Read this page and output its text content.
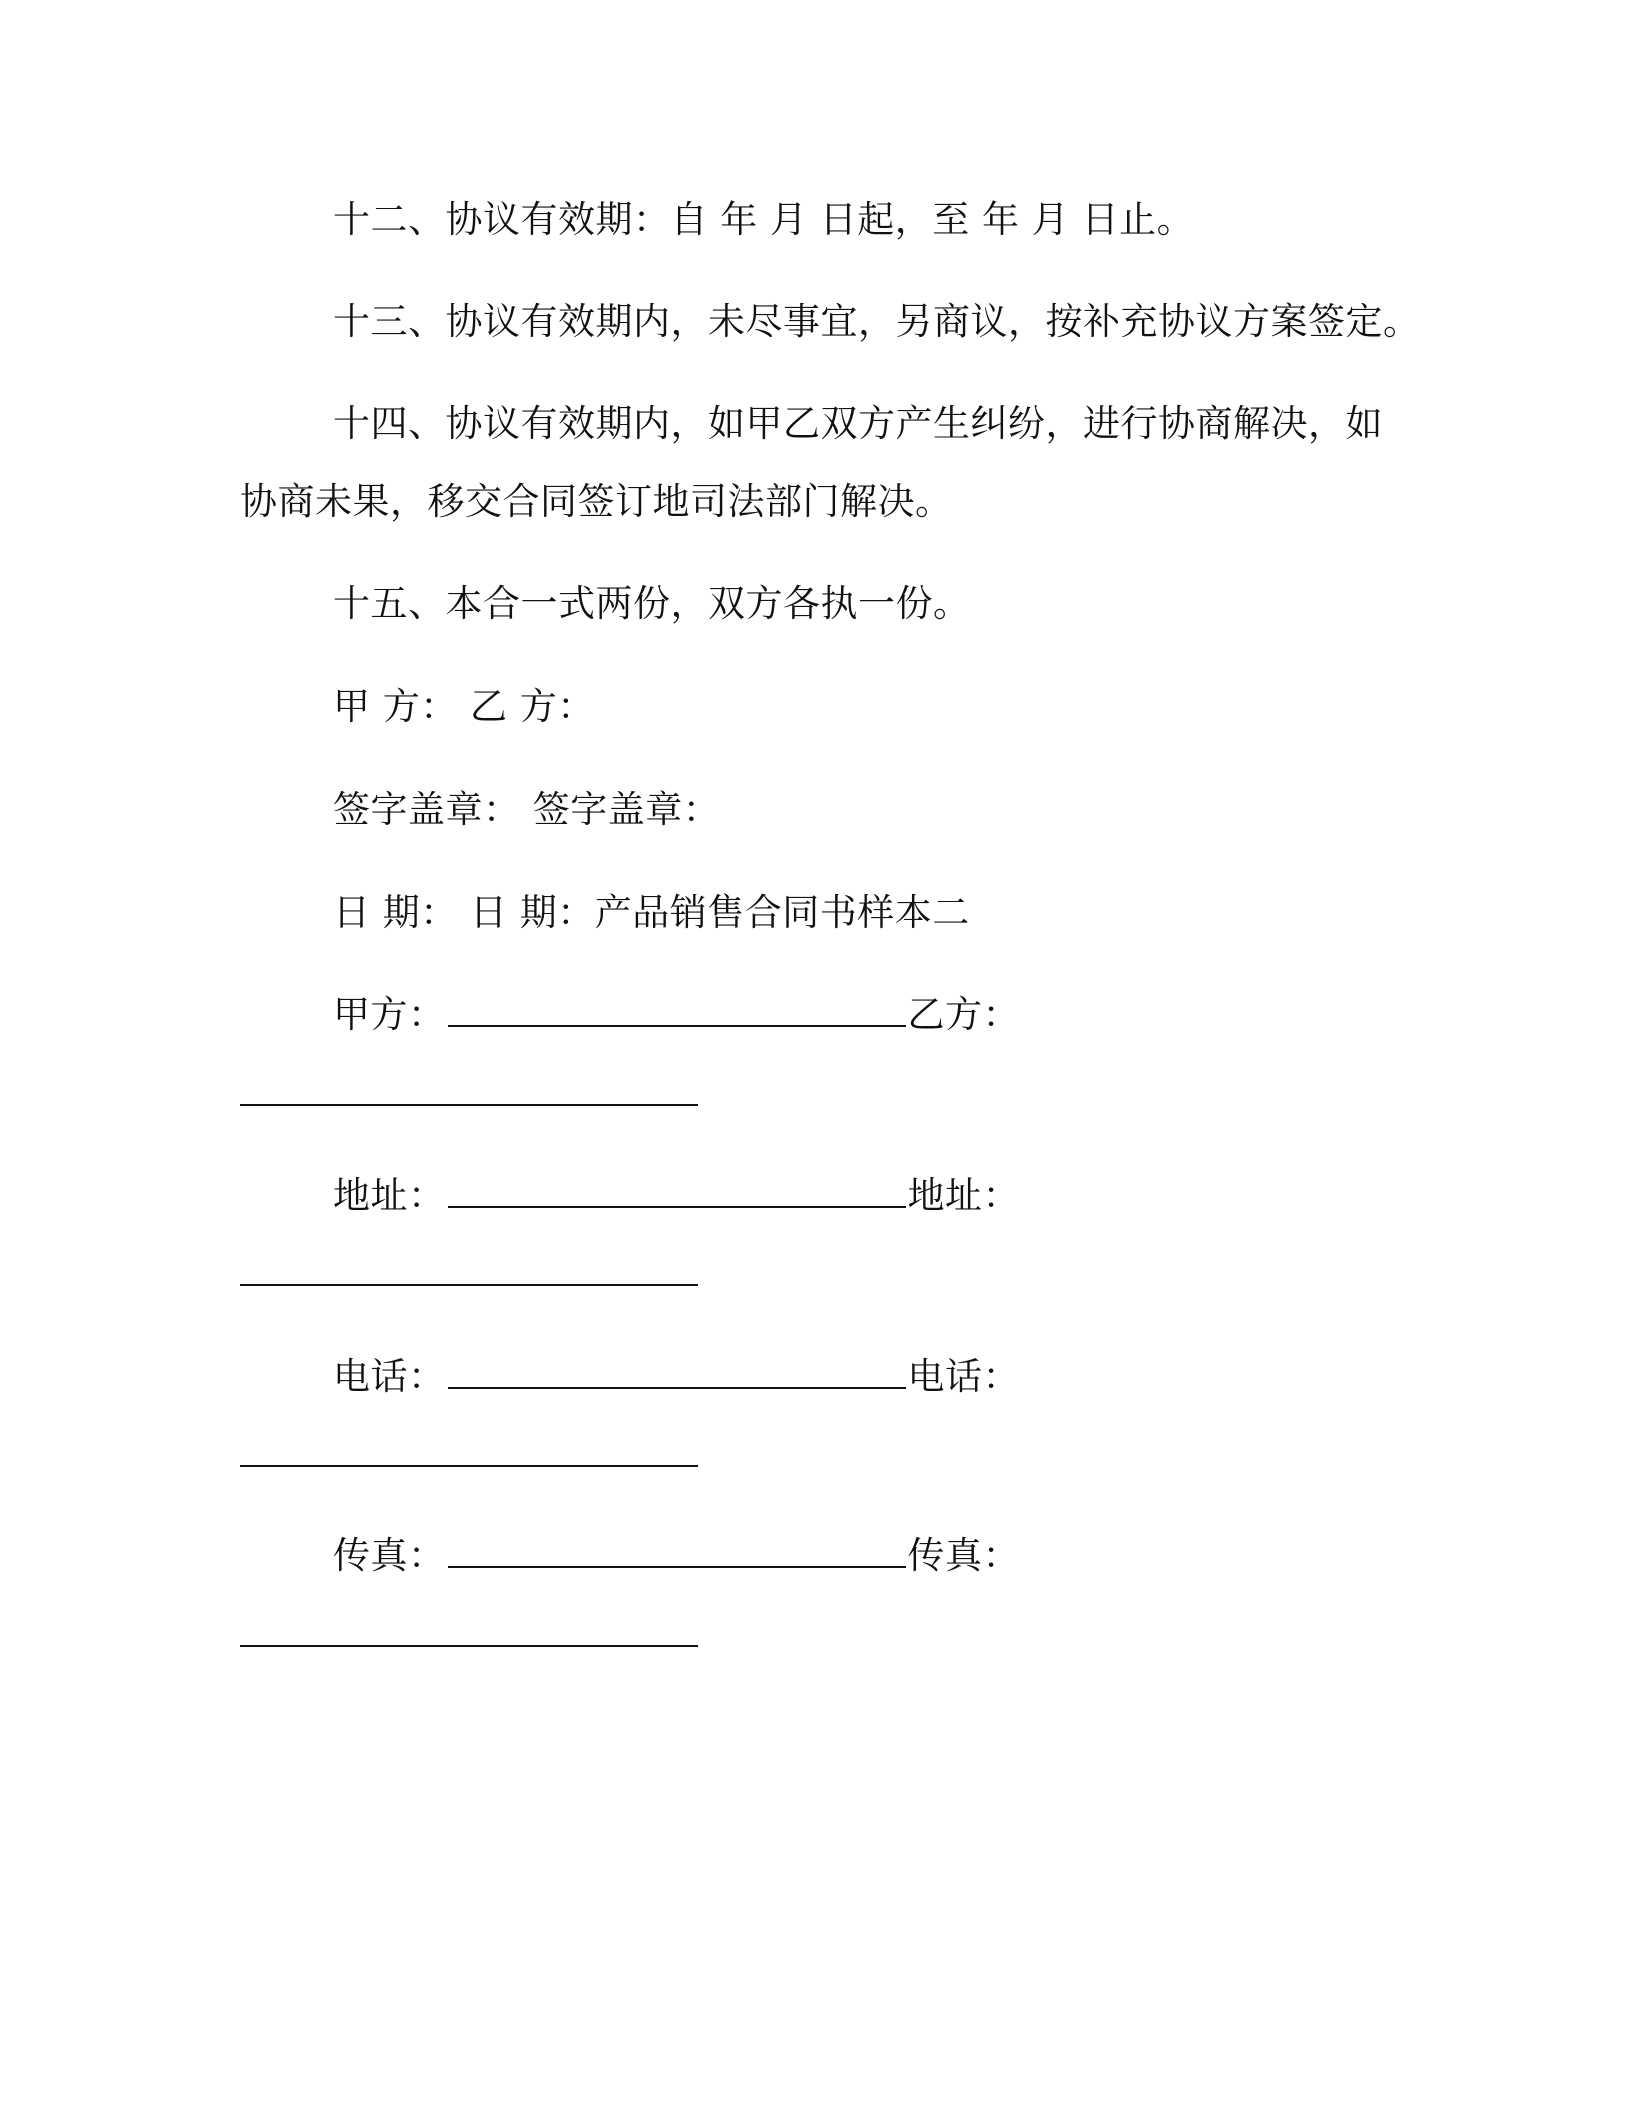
十二、协议有效期：自 年 月 日起，至 年 月 日止。
十三、协议有效期内，未尽事宜，另商议，按补充协议方案签定。
十四、协议有效期内，如甲乙双方产生纠纷，进行协商解决，如
协商未果，移交合同签订地司法部门解决。
十五、本合一式两份，双方各执一份。
甲 方： 乙 方：
签字盖章： 签字盖章：
日 期： 日 期：产品销售合同书样本二
甲方：	乙方：
地址：	地址：
电话：	电话：
传真：	传真：
